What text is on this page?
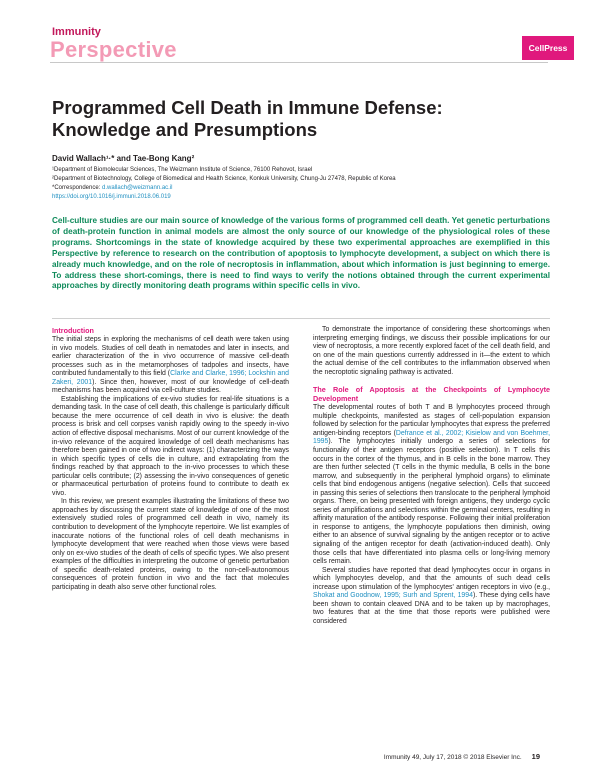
Immunity
Perspective	CellPress
Programmed Cell Death in Immune Defense: Knowledge and Presumptions
David Wallach¹·* and Tae-Bong Kang²
¹Department of Biomolecular Sciences, The Weizmann Institute of Science, 76100 Rehovot, Israel
²Department of Biotechnology, College of Biomedical and Health Science, Konkuk University, Chung-Ju 27478, Republic of Korea
*Correspondence: d.wallach@weizmann.ac.il
https://doi.org/10.1016/j.immuni.2018.06.019

Cell-culture studies are our main source of knowledge of the various forms of programmed cell death. Yet genetic perturbations of death-protein function in animal models are almost the only source of our knowledge of the physiological roles of these programs. Shortcomings in the state of knowledge acquired by these two experimental approaches are exemplified in this Perspective by reference to research on the contribution of apoptosis to lymphocyte development, a subject on which there is already much knowledge, and on the role of necroptosis in inflammation, about which information is just beginning to emerge. To address these short-comings, there is need to find ways to verify the notions obtained through the current experimental approaches by directly monitoring death programs within specific cells in vivo.

Introduction

The initial steps in exploring the mechanisms of cell death were taken using in vivo models. Studies of cell death in nematodes and later in insects, and earlier characterization of the in vivo occurrence of massive cell-death processes such as in the metamorphoses of tadpoles and insects, have contributed fundamentally to this field (Clarke and Clarke, 1996; Lockshin and Zakeri, 2001). Since then, however, most of our knowledge of cell-death mechanisms has been acquired via cell-culture studies.

Establishing the implications of ex-vivo studies for real-life situations is a demanding task. In the case of cell death, this challenge is particularly difficult because the mere occurrence of cell death in vivo is elusive: the death process is brisk and cell corpses vanish rapidly owing to the speedy in-vivo action of effective disposal mechanisms. Most of our current knowledge of the in-vivo relevance of the acquired knowledge of cell death mechanisms has therefore been gained in one of two indirect ways: (1) characterizing the ways in which specific types of cells die in culture, and extrapolating from the findings reached by that approach to the in-vivo processes to which these particular cells contribute; (2) assessing the in-vivo consequences of genetic or pharmaceutical perturbation of proteins found to contribute to death ex vivo.

In this review, we present examples illustrating the limitations of these two approaches by discussing the current state of knowledge of one of the most extensively studied roles of programmed cell death in vivo, namely its contribution to development of the lymphocyte repertoire. We list examples of inaccurate notions of the functional roles of cell death mechanisms in lymphocyte development that were reached when those views were based only on ex-vivo studies of the death of cells of specific types. We also present examples of the difficulties in interpreting the outcome of genetic perturbation of specific death-related proteins, owing to the non-cell-autonomous consequences of protein function in vivo and the fact that molecules participating in death also serve other functional roles.

To demonstrate the importance of considering these shortcomings when interpreting emerging findings, we discuss their possible implications for our view of necroptosis, a more recently explored facet of the cell death field, and on one of the main questions currently addressed in it—the extent to which the actual demise of the cell contributes to the inflammation observed when the necroptotic signaling pathway is activated.

The Role of Apoptosis at the Checkpoints of Lymphocyte Development

The developmental routes of both T and B lymphocytes proceed through multiple checkpoints, manifested as stages of cell-population expansion followed by selection for the particular lymphocytes that express the preferred antigen-binding receptors (Defrance et al., 2002; Kisielow and von Boehmer, 1995). The lymphocytes initially undergo a series of selections for functionality of their antigen receptors (positive selection). In T cells this occurs in the cortex of the thymus, and in B cells in the bone marrow. They are then further selected (T cells in the thymic medulla, B cells in the bone marrow, and subsequently in the peripheral lymphoid organs) to eliminate cells that bind endogenous antigens (negative selection). Cells that succeed in passing this series of selections then translocate to the peripheral lymphoid organs. There, on being presented with foreign antigens, they undergo cyclic series of amplifications and selections within the germinal centers, resulting in affinity maturation of the antibody response. Following their initial proliferation in response to antigens, the lymphocyte populations then diminish, owing either to an absence of survival signaling by the antigen receptor or to active signaling of the antigen receptor for death (activation-induced death). Only those cells that have differentiated into plasma cells or long-living memory cells remain.

Several studies have reported that dead lymphocytes occur in organs in which lymphocytes develop, and that the amounts of such dead cells increase upon stimulation of the lymphocytes' antigen receptors in vivo (e.g., Shokat and Goodnow, 1995; Surh and Sprent, 1994). These dying cells have been shown to contain cleaved DNA and to be taken up by macrophages, two features that at the time that those reports were published were considered

Immunity 49, July 17, 2018 © 2018 Elsevier Inc. 19
